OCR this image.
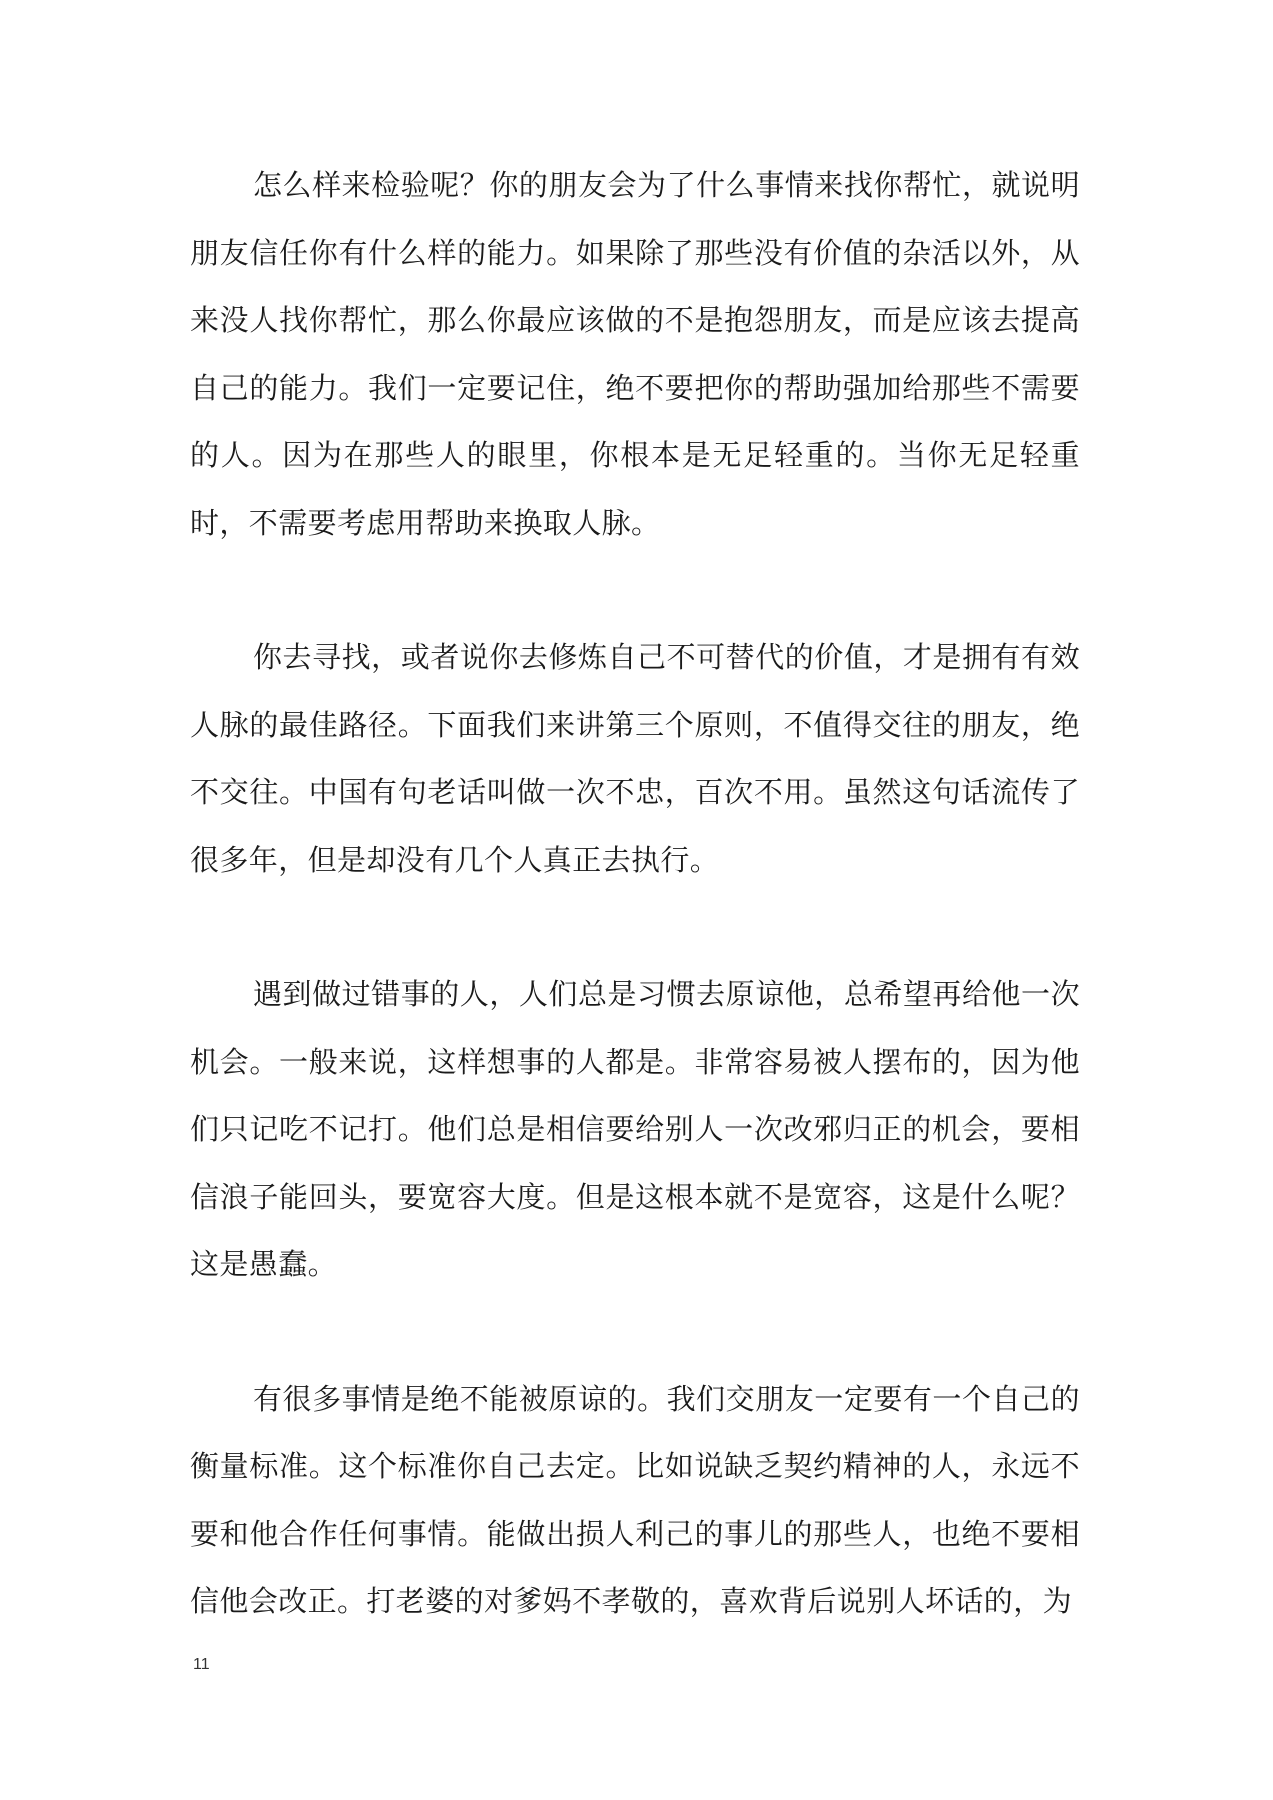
怎么样来检验呢？你的朋友会为了什么事情来找你帮忙，就说明朋友信任你有什么样的能力。如果除了那些没有价值的杂活以外，从来没人找你帮忙，那么你最应该做的不是抱怨朋友，而是应该去提高自己的能力。我们一定要记住，绝不要把你的帮助强加给那些不需要的人。因为在那些人的眼里，你根本是无足轻重的。当你无足轻重时，不需要考虑用帮助来换取人脉。

你去寻找，或者说你去修炼自己不可替代的价值，才是拥有有效人脉的最佳路径。下面我们来讲第三个原则，不值得交往的朋友，绝不交往。中国有句老话叫做一次不忠，百次不用。虽然这句话流传了很多年，但是却没有几个人真正去执行。

遇到做过错事的人，人们总是习惯去原谅他，总希望再给他一次机会。一般来说，这样想事的人都是。非常容易被人摆布的，因为他们只记吃不记打。他们总是相信要给别人一次改邪归正的机会，要相信浪子能回头，要宽容大度。但是这根本就不是宽容，这是什么呢？这是愚蠢。

有很多事情是绝不能被原谅的。我们交朋友一定要有一个自己的衡量标准。这个标准你自己去定。比如说缺乏契约精神的人，永远不要和他合作任何事情。能做出损人利己的事儿的那些人，也绝不要相信他会改正。打老婆的对爹妈不孝敬的，喜欢背后说别人坏话的，为

11
